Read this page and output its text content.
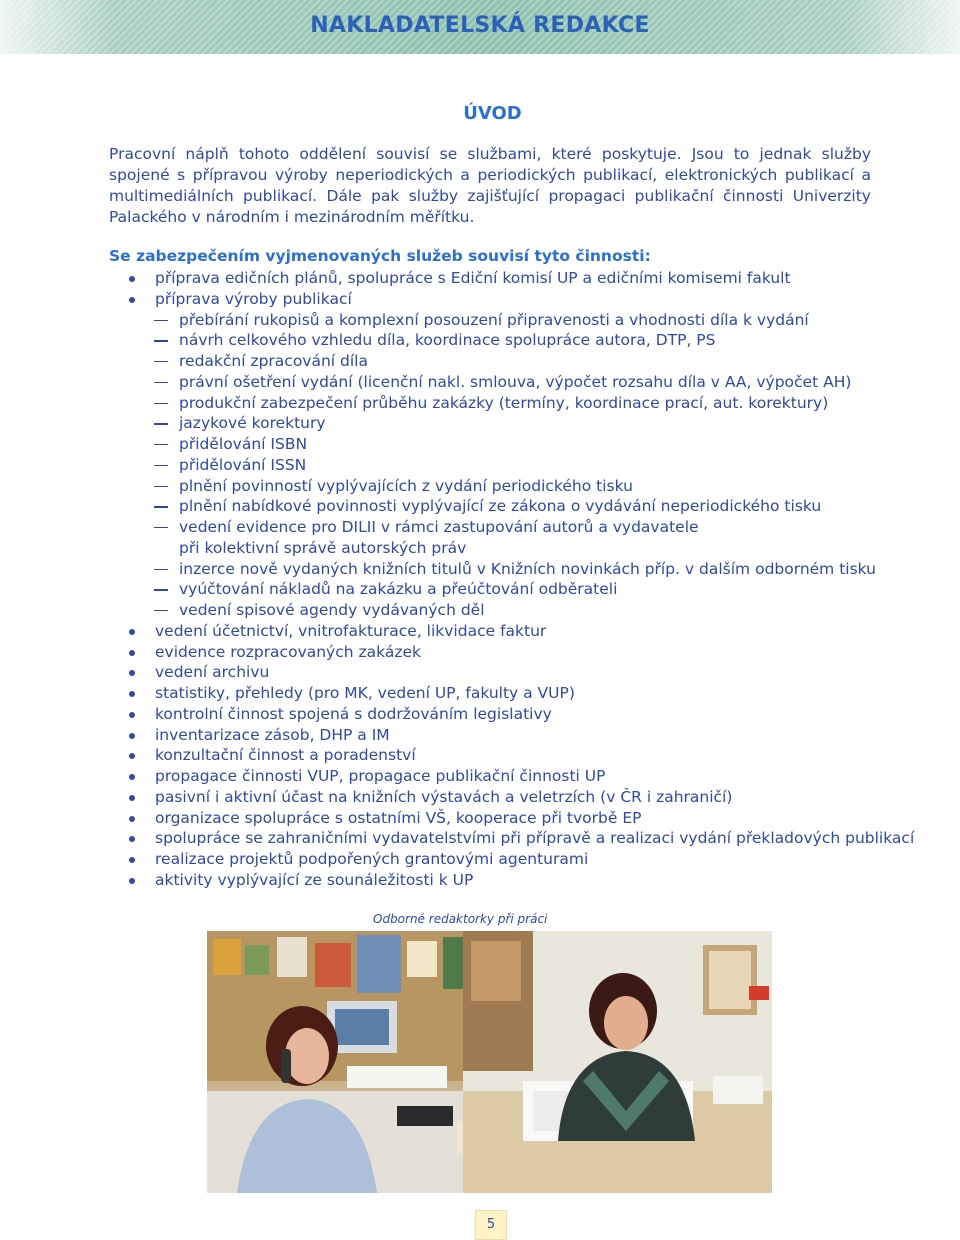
NAKLADATELSKÁ REDAKCE
ÚVOD

Pracovní náplň tohoto oddělení souvisí se službami, které poskytuje. Jsou to jednak služby spojené s přípravou výroby neperiodických a periodických publikací, elektronických publikací a multimediálních publikací. Dále pak služby zajišťující propagaci publikační činnosti Univerzity Palackého v národním i mezinárodním měřítku.

Se zabezpečením vyjmenovaných služeb souvisí tyto činnosti:

příprava edičních plánů, spolupráce s Ediční komisí UP a edičními komisemi fakult
příprava výroby publikací
přebírání rukopisů a komplexní posouzení připravenosti a vhodnosti díla k vydání
návrh celkového vzhledu díla, koordinace spolupráce autora, DTP, PS
redakční zpracování díla
právní ošetření vydání (licenční nakl. smlouva, výpočet rozsahu díla v AA, výpočet AH)
produkční zabezpečení průběhu zakázky (termíny, koordinace prací, aut. korektury)
jazykové korektury
přidělování ISBN
přidělování ISSN
plnění povinností vyplývajících z vydání periodického tisku
plnění nabídkové povinnosti vyplývající ze zákona o vydávání neperiodického tisku
vedení evidence pro DILII v rámci zastupování autorů a vydavatele
při kolektivní správě autorských práv
inzerce nově vydaných knižních titulů v Knižních novinkách příp. v dalším odborném tisku
vyúčtování nákladů na zakázku a přeúčtování odběrateli
vedení spisové agendy vydávaných děl
vedení účetnictví, vnitrofakturace, likvidace faktur
evidence rozpracovaných zakázek
vedení archivu
statistiky, přehledy (pro MK, vedení UP, fakulty a VUP)
kontrolní činnost spojená s dodržováním legislativy
inventarizace zásob, DHP a IM
konzultační činnost a poradenství
propagace činnosti VUP, propagace publikační činnosti UP
pasivní i aktivní účast na knižních výstavách a veletrzích (v ČR i zahraničí)
organizace spolupráce s ostatními VŠ, kooperace při tvorbě EP
spolupráce se zahraničními vydavatelstvími při přípravě a realizaci vydání překladových publikací
realizace projektů podpořených grantovými agenturami
aktivity vyplývající ze sounáležitosti k UP
Odborné redaktorky při práci
5
